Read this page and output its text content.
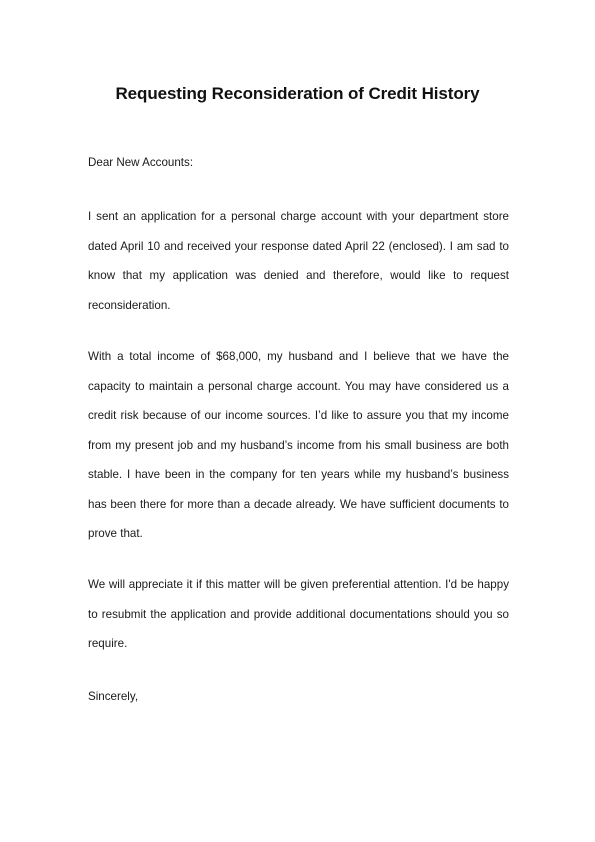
Requesting Reconsideration of Credit History
Dear New Accounts:
I sent an application for a personal charge account with your department store dated April 10 and received your response dated April 22 (enclosed). I am sad to know that my application was denied and therefore, would like to request reconsideration.
With a total income of $68,000, my husband and I believe that we have the capacity to maintain a personal charge account. You may have considered us a credit risk because of our income sources. I’d like to assure you that my income from my present job and my husband’s income from his small business are both stable. I have been in the company for ten years while my husband’s business has been there for more than a decade already. We have sufficient documents to prove that.
We will appreciate it if this matter will be given preferential attention. I'd be happy to resubmit the application and provide additional documentations should you so require.
Sincerely,
